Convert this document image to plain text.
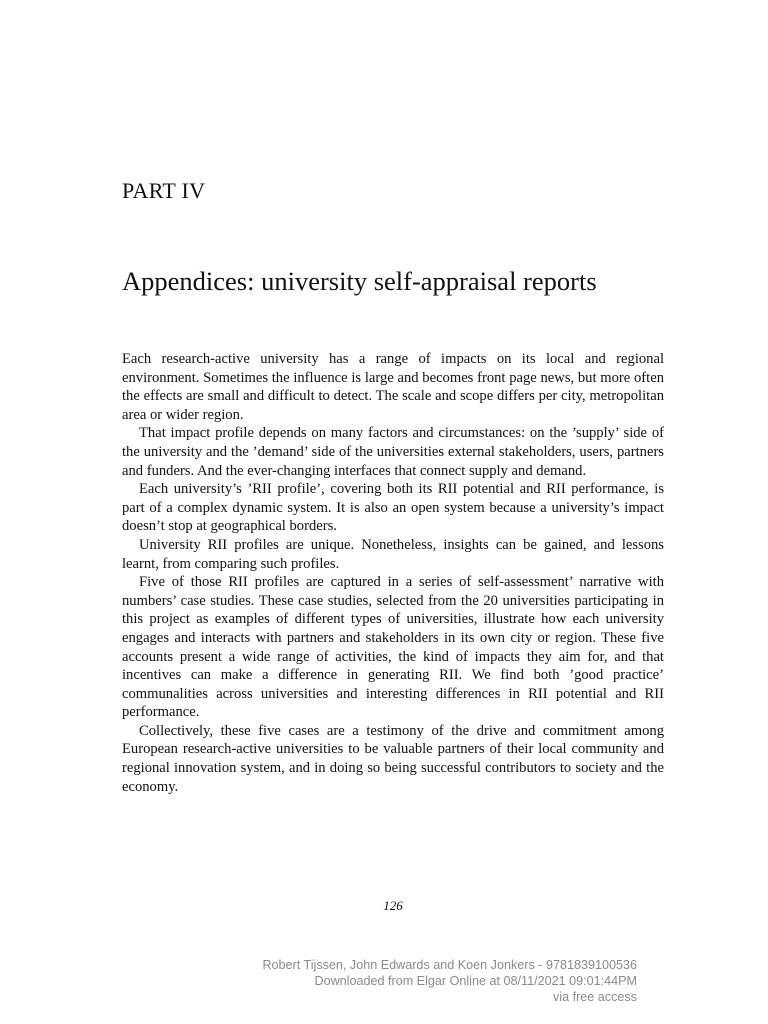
PART IV
Appendices: university self-appraisal reports

Each research-active university has a range of impacts on its local and regional environment. Sometimes the influence is large and becomes front page news, but more often the effects are small and difficult to detect. The scale and scope differs per city, metropolitan area or wider region.

That impact profile depends on many factors and circumstances: on the ’supply’ side of the university and the ’demand’ side of the universities external stakeholders, users, partners and funders. And the ever-changing interfaces that connect supply and demand.

Each university’s ’RII profile’, covering both its RII potential and RII performance, is part of a complex dynamic system. It is also an open system because a university’s impact doesn’t stop at geographical borders.

University RII profiles are unique. Nonetheless, insights can be gained, and lessons learnt, from comparing such profiles.

Five of those RII profiles are captured in a series of self-assessment’ narrative with numbers’ case studies. These case studies, selected from the 20 universities participating in this project as examples of different types of universities, illustrate how each university engages and interacts with partners and stakeholders in its own city or region. These five accounts present a wide range of activities, the kind of impacts they aim for, and that incentives can make a difference in generating RII. We find both ’good practice’ communalities across universities and interesting differences in RII potential and RII performance.

Collectively, these five cases are a testimony of the drive and commitment among European research-active universities to be valuable partners of their local community and regional innovation system, and in doing so being successful contributors to society and the economy.

126
Robert Tijssen, John Edwards and Koen Jonkers - 9781839100536
Downloaded from Elgar Online at 08/11/2021 09:01:44PM
via free access
